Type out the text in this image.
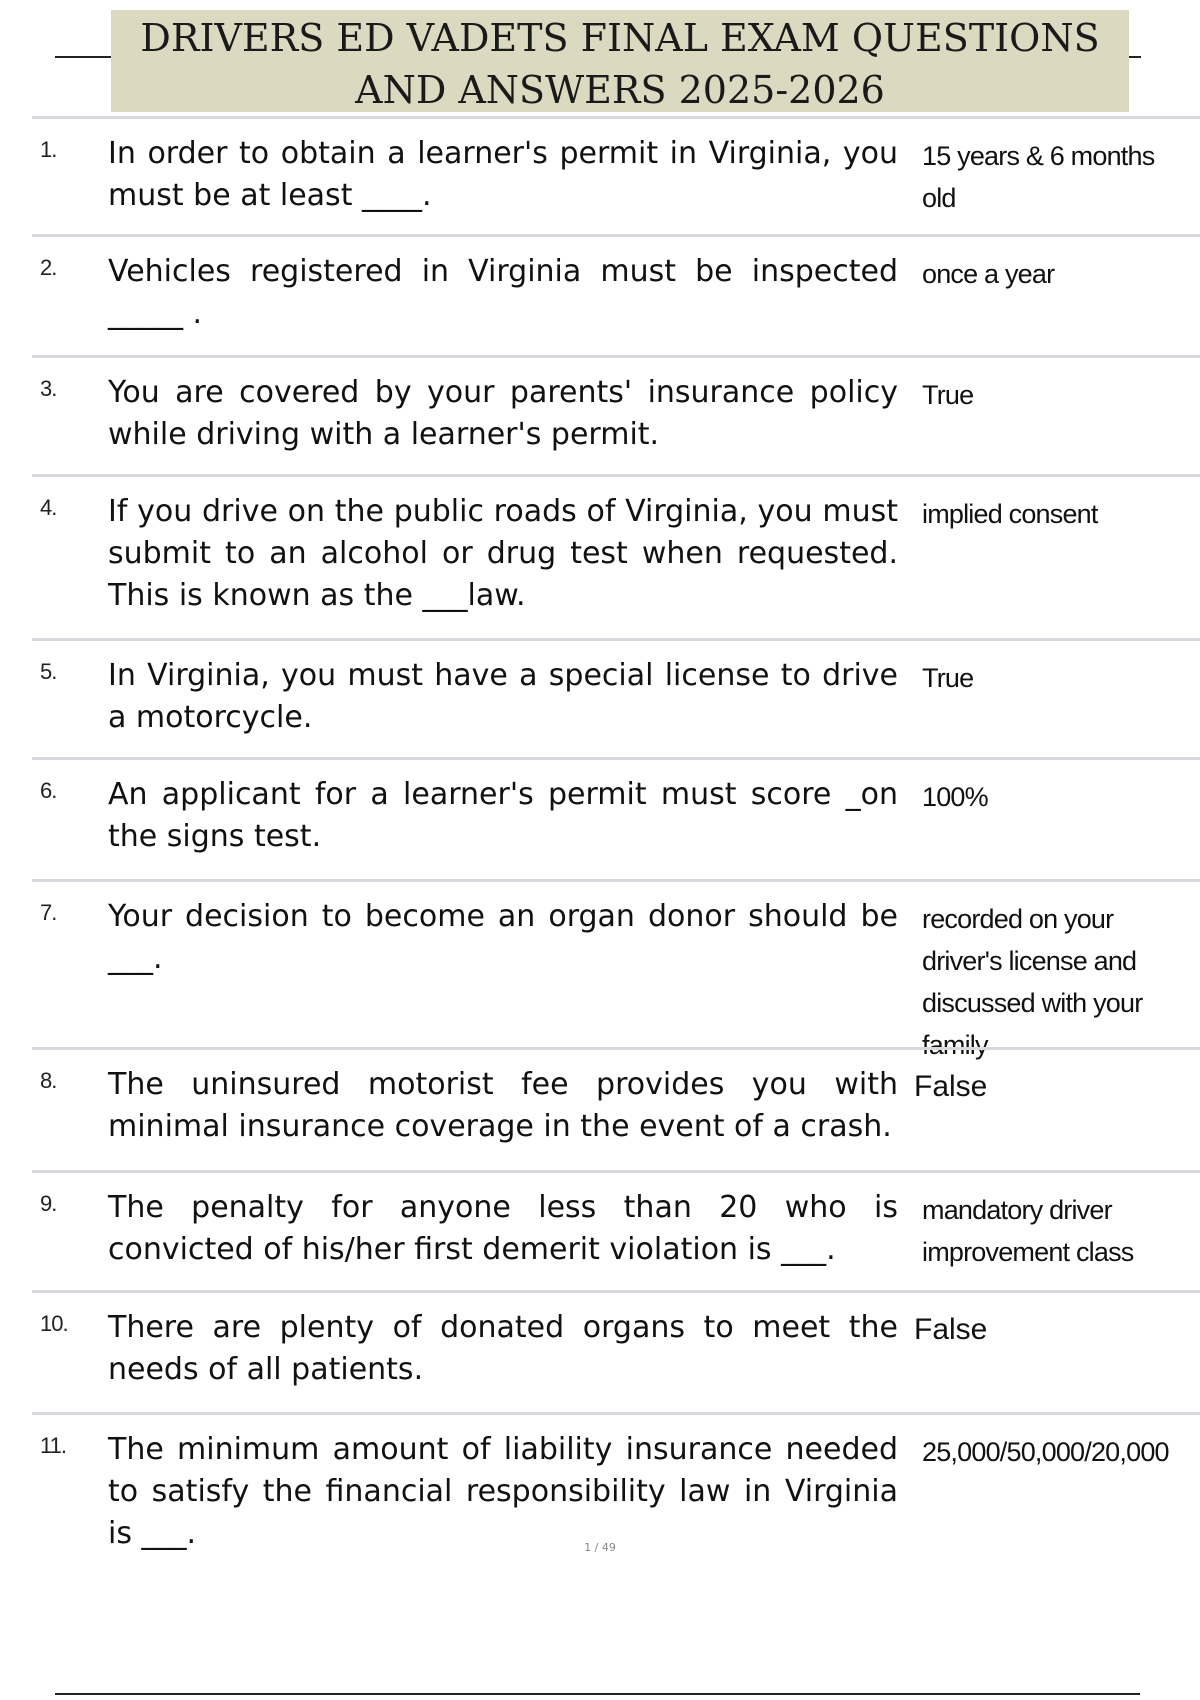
DRIVERS ED VADETS FINAL EXAM QUESTIONS AND ANSWERS 2025-2026
1.	In order to obtain a learner's permit in Virginia, you must be at least ____.
15 years & 6 months old
2.	Vehicles registered in Virginia must be inspected _____ .
once a year
3.	You are covered by your parents' insurance policy while driving with a learner's permit.
True
4.	If you drive on the public roads of Virginia, you must submit to an alcohol or drug test when requested. This is known as the ___law.
implied consent
5.	In Virginia, you must have a special license to drive a motorcycle.
True
6.	An applicant for a learner's permit must score _on the signs test.
100%
7.	Your decision to become an organ donor should be ___.
recorded on your driver's license and discussed with your family
8.	The uninsured motorist fee provides you with minimal insurance coverage in the event of a crash.
False
9.	The penalty for anyone less than 20 who is convicted of his/her first demerit violation is ___.
mandatory driver improvement class
10.	There are plenty of donated organs to meet the needs of all patients.
False
11.	The minimum amount of liability insurance needed to satisfy the financial responsibility law in Virginia is ___.
25,000/50,000/20,000
1 / 49
